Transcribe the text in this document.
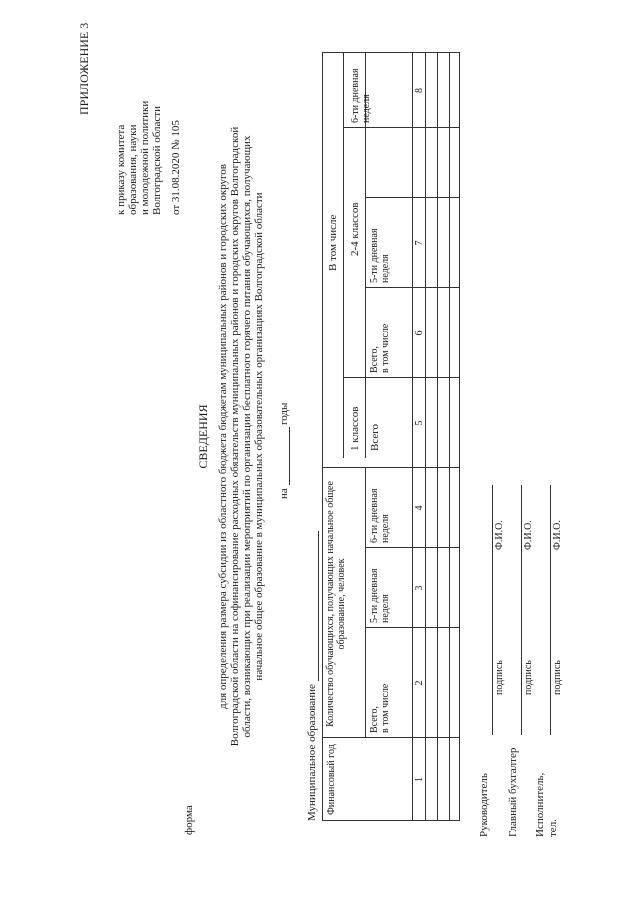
ПРИЛОЖЕНИЕ 3
к приказу комитета образования, науки и молодежной политики Волгоградской области от 31.08.2020 № 105
форма
СВЕДЕНИЯ для определения размера субсидии из областного бюджета бюджетам муниципальных районов и городских округов Волгоградской области на софинансирование расходных обязательств муниципальных районов и городских округов Волгоградской области, возникающих при реализации мероприятий по организации бесплатного горячего питания обучающихся, получающих начальное общее образование в муниципальных образовательных организациях Волгоградской области на
годы
Муниципальное образование Финансовый год
Количество обучающихся, получающих начальное общее образование, человек
Всего, в том числе
5-ти дневная неделя
6-ти дневная неделя
В том числе
1 классов Всего
2-4 классов
Всего, в том числе
5-ти дневная неделя
6-ти дневная неделя
1
2
3
4
5
6
7
8
Руководитель
подпись
Ф.И.О.
Главный бухгалтер
подпись
Ф.И.О.
Исполнитель, тел.
подпись
Ф.И.О.
